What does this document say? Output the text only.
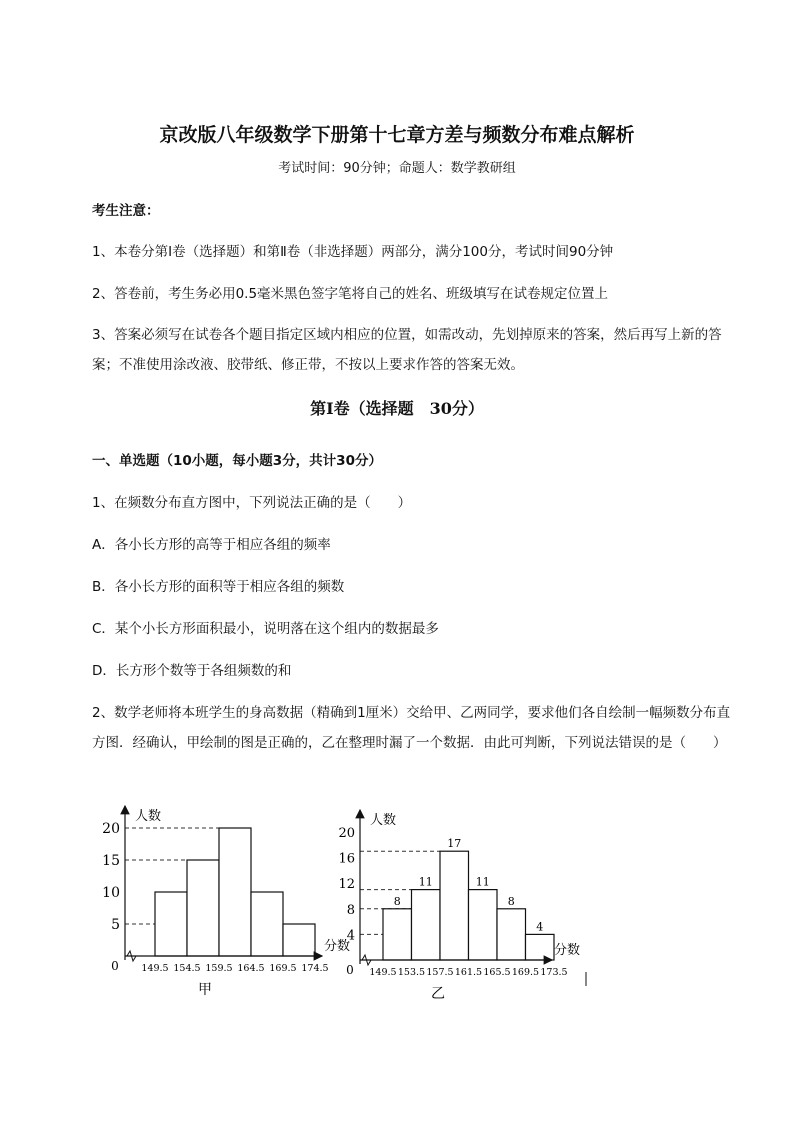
京改版八年级数学下册第十七章方差与频数分布难点解析
考试时间：90分钟；命题人：数学教研组
考生注意：
1、本卷分第I卷（选择题）和第Ⅱ卷（非选择题）两部分，满分100分，考试时间90分钟
2、答卷前，考生务必用0.5毫米黑色签字笔将自己的姓名、班级填写在试卷规定位置上
3、答案必须写在试卷各个题目指定区域内相应的位置，如需改动，先划掉原来的答案，然后再写上新的答案；不准使用涂改液、胶带纸、修正带，不按以上要求作答的答案无效。
第I卷（选择题　30分）
一、单选题（10小题，每小题3分，共计30分）
1、在频数分布直方图中，下列说法正确的是（　　）
A．各小长方形的高等于相应各组的频率
B．各小长方形的面积等于相应各组的频数
C．某个小长方形面积最小，说明落在这个组内的数据最多
D．长方形个数等于各组频数的和
2、数学老师将本班学生的身高数据（精确到1厘米）交给甲、乙两同学，要求他们各自绘制一幅频数分布直方图．经确认，甲绘制的图是正确的，乙在整理时漏了一个数据．由此可判断，下列说法错误的是（　　）
5
10
15
20
0 149.5 154.5 159.5 164.5 169.5 174.5
人数
分数
甲
8
11
17
11
8
4
4
8
12
16
20
0 149.5 153.5 157.5 161.5 165.5 169.5 173.5
人数
分数
乙
